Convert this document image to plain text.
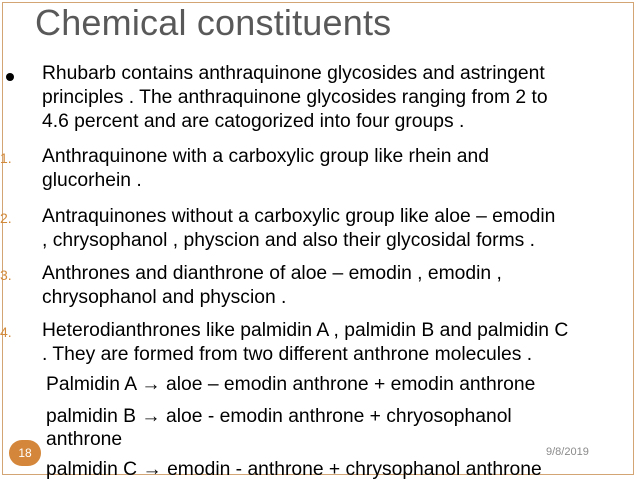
Chemical constituents
Rhubarb contains anthraquinone glycosides and astringent
principles . The anthraquinone glycosides ranging from 2 to
4.6 percent and are catogorized into four groups .
1. Anthraquinone with a carboxylic group like rhein and
glucorhein .
2. Antraquinones without a carboxylic group like aloe – emodin
, chrysophanol , physcion and also their glycosidal forms .
3. Anthrones and dianthrone of aloe – emodin , emodin ,
chrysophanol and physcion .
4. Heterodianthrones like palmidin A , palmidin B and palmidin C
. They are formed from two different anthrone molecules .
Palmidin A → aloe – emodin anthrone + emodin anthrone
palmidin B → aloe - emodin anthrone + chryosophanol
anthrone
palmidin C → emodin - anthrone + chrysophanol anthrone
18	9/8/2019
